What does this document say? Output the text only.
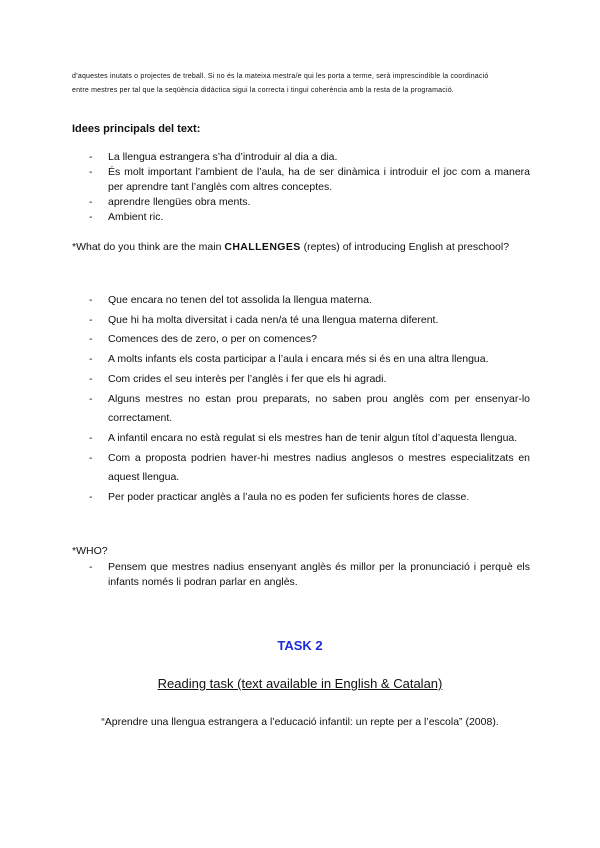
d’aquestes inutats o projectes de treball. Si no és la mateixa mestra/e qui les porta a terme, serà imprescindible la coordinació

entre mestres per tal que la seqüència didàctica sigui la correcta i tingui coherència amb la resta de la programació.

Idees principals del text:
- La llengua estrangera s’ha d’introduir al dia a dia.
- És molt important l’ambient de l’aula, ha de ser dinàmica i introduir el joc com a manera per aprendre tant l’anglès com altres conceptes.
- aprendre llengües obra ments.
- Ambient ric.
*What do you think are the main CHALLENGES (reptes) of introducing English at preschool?
- Que encara no tenen del tot assolida la llengua materna.
- Que hi ha molta diversitat i cada nen/a té una llengua materna diferent.
- Comences des de zero, o per on comences?
- A molts infants els costa participar a l’aula i encara més si és en una altra llengua.
- Com crides el seu interès per l’anglès i fer que els hi agradi.
- Alguns mestres no estan prou preparats, no saben prou anglès com per ensenyar-lo correctament.
- A infantil encara no està regulat si els mestres han de tenir algun títol d’aquesta llengua.
- Com a proposta podrien haver-hi mestres nadius anglesos o mestres especialitzats en aquest llengua.
- Per poder practicar anglès a l’aula no es poden fer suficients hores de classe.
*WHO?
- Pensem que mestres nadius ensenyant anglès és millor per la pronunciació i perquè els infants només li podran parlar en anglès.
TASK 2
Reading task (text available in English & Catalan)
“Aprendre una llengua estrangera a l’educació infantil: un repte per a l’escola” (2008).
